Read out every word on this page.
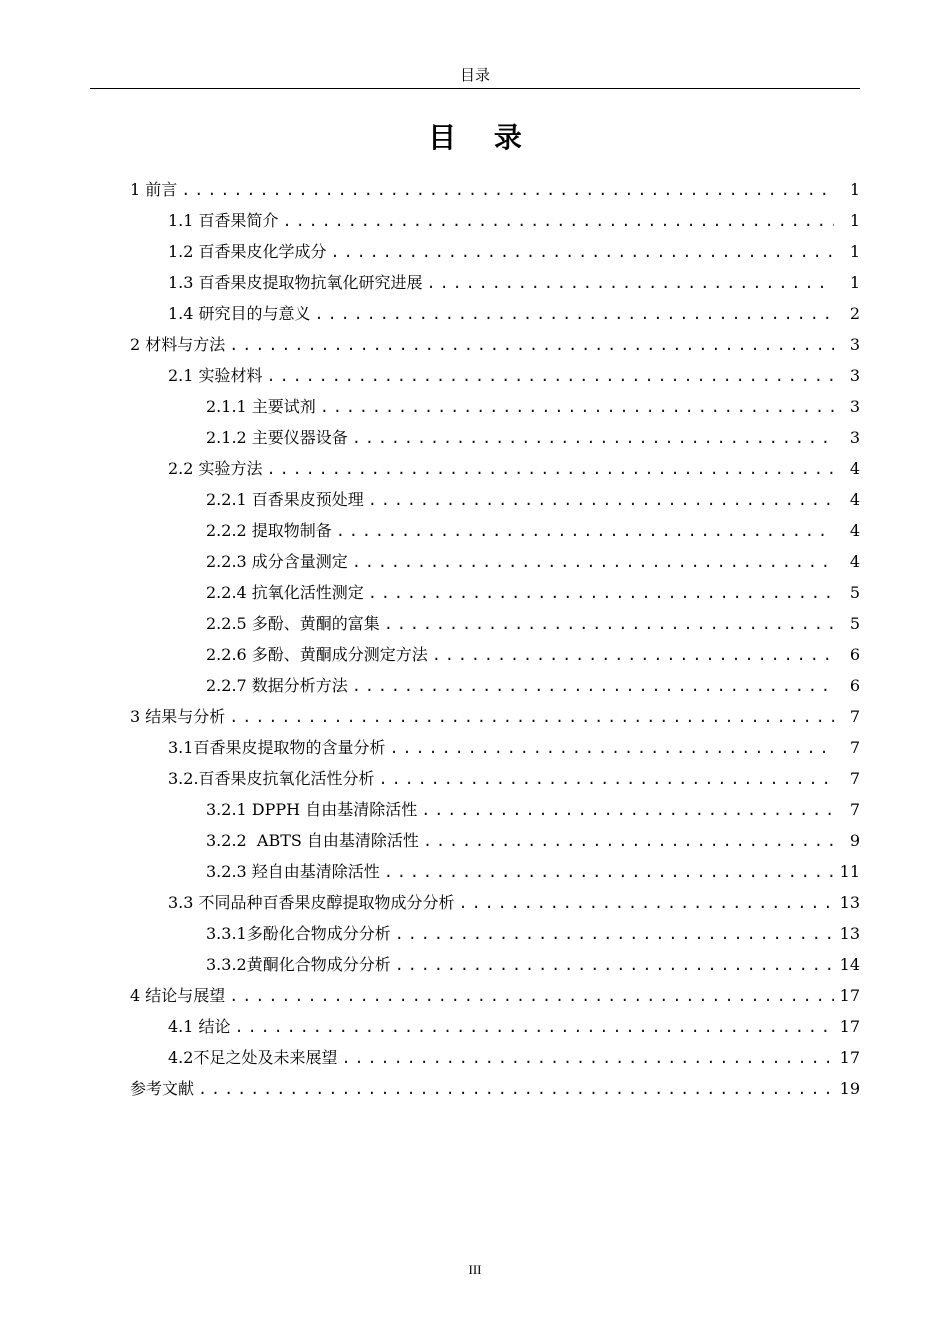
目录
目 录
1 前言 .....	1
1.1 百香果简介 .....	1
1.2 百香果皮化学成分 .....	1
1.3 百香果皮提取物抗氧化研究进展 .....	1
1.4 研究目的与意义 .....	2
2 材料与方法 .....	3
2.1 实验材料 .....	3
2.1.1 主要试剂 .....	3
2.1.2 主要仪器设备 .....	3
2.2 实验方法 .....	4
2.2.1 百香果皮预处理 .....	4
2.2.2 提取物制备 .....	4
2.2.3 成分含量测定 .....	4
2.2.4 抗氧化活性测定 .....	5
2.2.5 多酚、黄酮的富集 .....	5
2.2.6 多酚、黄酮成分测定方法 .....	6
2.2.7 数据分析方法 .....	6
3 结果与分析 .....	7
3.1 百香果皮提取物的含量分析 .....	7
3.2. 百香果皮抗氧化活性分析 .....	7
3.2.1 DPPH 自由基清除活性 .....	7
3.2.2 ABTS 自由基清除活性 .....	9
3.2.3 羟自由基清除活性 .....	11
3.3 不同品种百香果皮醇提取物成分分析 .....	13
3.3.1 多酚化合物成分分析 .....	13
3.3.2 黄酮化合物成分分析 .....	14
4 结论与展望 .....	17
4.1 结论 .....	17
4.2 不足之处及未来展望 .....	17
参考文献 .....	19
III
